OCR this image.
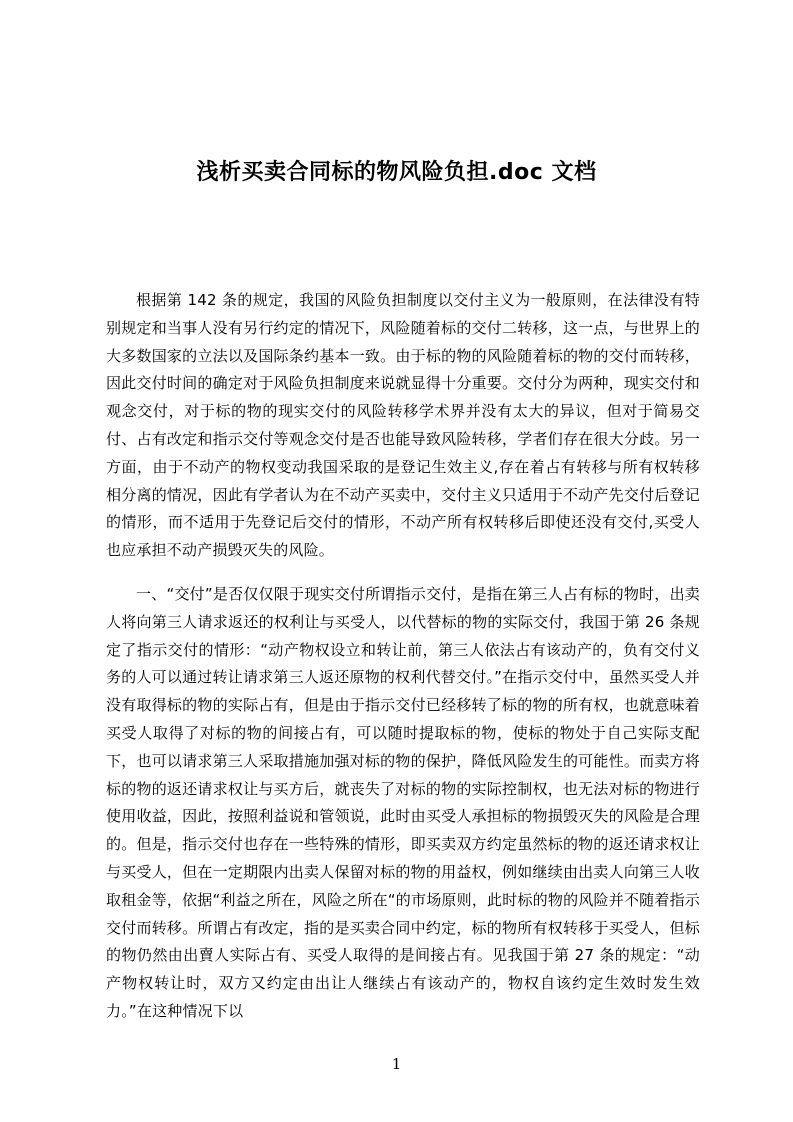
浅析买卖合同标的物风险负担.doc 文档

根据第 142 条的规定，我国的风险负担制度以交付主义为一般原则，在法律没有特别规定和当事人没有另行约定的情况下，风险随着标的交付二转移，这一点，与世界上的大多数国家的立法以及国际条约基本一致。由于标的物的风险随着标的物的交付而转移，因此交付时间的确定对于风险负担制度来说就显得十分重要。交付分为两种，现实交付和观念交付，对于标的物的现实交付的风险转移学术界并没有太大的异议，但对于简易交付、占有改定和指示交付等观念交付是否也能导致风险转移，学者们存在很大分歧。另一方面，由于不动产的物权变动我国采取的是登记生效主义,存在着占有转移与所有权转移相分离的情况，因此有学者认为在不动产买卖中，交付主义只适用于不动产先交付后登记的情形，而不适用于先登记后交付的情形，不动产所有权转移后即使还没有交付,买受人也应承担不动产损毁灭失的风险。

一、“交付”是否仅仅限于现实交付所谓指示交付，是指在第三人占有标的物时，出卖人将向第三人请求返还的权利让与买受人，以代替标的物的实际交付，我国于第 26 条规定了指示交付的情形：“动产物权设立和转让前，第三人依法占有该动产的，负有交付义务的人可以通过转让请求第三人返还原物的权利代替交付。”在指示交付中，虽然买受人并没有取得标的物的实际占有，但是由于指示交付已经移转了标的物的所有权，也就意味着买受人取得了对标的物的间接占有，可以随时提取标的物，使标的物处于自己实际支配下，也可以请求第三人采取措施加强对标的物的保护，降低风险发生的可能性。而卖方将标的物的返还请求权让与买方后，就丧失了对标的物的实际控制权，也无法对标的物进行使用收益，因此，按照利益说和管领说，此时由买受人承担标的物损毁灭失的风险是合理的。但是，指示交付也存在一些特殊的情形，即买卖双方约定虽然标的物的返还请求权让与买受人，但在一定期限内出卖人保留对标的物的用益权，例如继续由出卖人向第三人收取租金等，依据“利益之所在，风险之所在“的市场原则，此时标的物的风险并不随着指示交付而转移。所谓占有改定，指的是买卖合同中约定，标的物所有权转移于买受人，但标的物仍然由出賣人实际占有、买受人取得的是间接占有。见我国于第 27 条的规定：“动产物权转让时，双方又约定由出让人继续占有该动产的，物权自该约定生效时发生效力。”在这种情况下以

1
